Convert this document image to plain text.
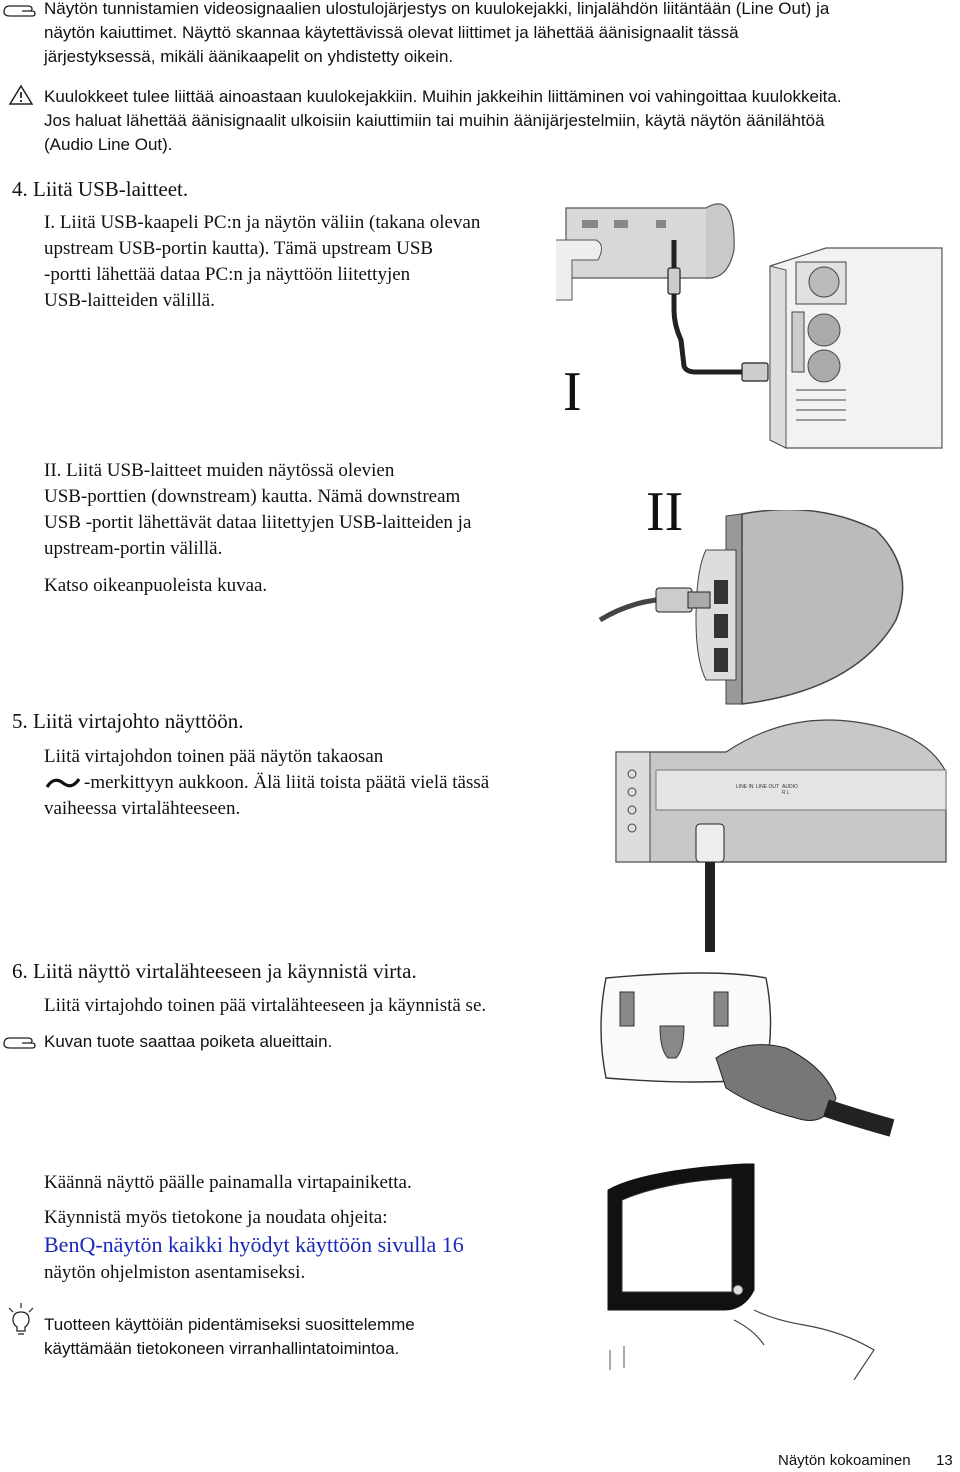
Näytön tunnistamien videosignaalien ulostulojärjestys on kuulokejakki, linjalähdön liitäntään (Line Out) ja
näytön kaiuttimet. Näyttö skannaa käytettävissä olevat liittimet ja lähettää äänisignaalit tässä
järjestyksessä, mikäli äänikaapelit on yhdistetty oikein.
Kuulokkeet tulee liittää ainoastaan kuulokejakkiin. Muihin jakkeihin liittäminen voi vahingoittaa kuulokkeita.
Jos haluat lähettää äänisignaalit ulkoisiin kaiuttimiin tai muihin äänijärjestelmiin, käytä näytön äänilähtöä
(Audio Line Out).
4. Liitä USB-laitteet.
I. Liitä USB-kaapeli PC:n ja näytön väliin (takana olevan
upstream USB-portin kautta). Tämä upstream USB
-portti lähettää dataa PC:n ja näyttöön liitettyjen
USB-laitteiden välillä.
I
II. Liitä USB-laitteet muiden näytössä olevien
USB-porttien (downstream) kautta. Nämä downstream
USB -portit lähettävät dataa liitettyjen USB-laitteiden ja
upstream-portin välillä.
Katso oikeanpuoleista kuvaa.
II
5. Liitä virtajohto näyttöön.
Liitä virtajohdon toinen pää näytön takaosan
-merkittyyn aukkoon. Älä liitä toista päätä vielä tässä
vaiheessa virtalähteeseen.
LINE IN LINE OUT AUDIO
R L
6. Liitä näyttö virtalähteeseen ja käynnistä virta.
Liitä virtajohdo toinen pää virtalähteeseen ja käynnistä se.
Kuvan tuote saattaa poiketa alueittain.
Käännä näyttö päälle painamalla virtapainiketta.
Käynnistä myös tietokone ja noudata ohjeita:
BenQ-näytön kaikki hyödyt käyttöön sivulla 16
näytön ohjelmiston asentamiseksi.
Tuotteen käyttöiän pidentämiseksi suosittelemme
käyttämään tietokoneen virranhallintatoimintoa.
Näytön kokoaminen 13
